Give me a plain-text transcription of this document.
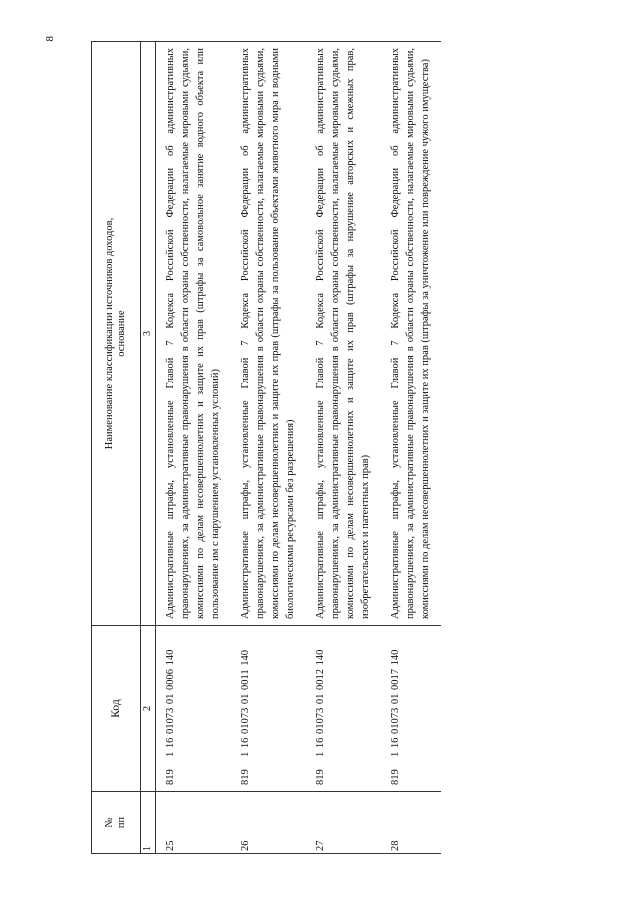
8
№
пп	Код	Наименование классификации источников доходов,
основание
1	2	3
25	8191 16 01073 01 0006 140	Административные штрафы, установленные Главой 7 Кодекса Российской Федерации об административных правонарушениях, за административные правонарушения в области охраны собственности, налагаемые мировыми судьями, комиссиями по делам несовершеннолетних и защите их прав (штрафы за самовольное занятие водного объекта или пользование им с нарушением установленных условий)
26	8191 16 01073 01 0011 140	Административные штрафы, установленные Главой 7 Кодекса Российской Федерации об административных правонарушениях, за административные правонарушения в области охраны собственности, налагаемые мировыми судьями, комиссиями по делам несовершеннолетних и защите их прав (штрафы за пользование объектами животного мира и водными биологическими ресурсами без разрешения)
27	8191 16 01073 01 0012 140	Административные штрафы, установленные Главой 7 Кодекса Российской Федерации об административных правонарушениях, за административные правонарушения в области охраны собственности, налагаемые мировыми судьями, комиссиями по делам несовершеннолетних и защите их прав (штрафы за нарушение авторских и смежных прав, изобретательских и патентных прав)
28	8191 16 01073 01 0017 140	Административные штрафы, установленные Главой 7 Кодекса Российской Федерации об административных правонарушениях, за административные правонарушения в области охраны собственности, налагаемые мировыми судьями, комиссиями по делам несовершеннолетних и защите их прав (штрафы за уничтожение или повреждение чужого имущества)
